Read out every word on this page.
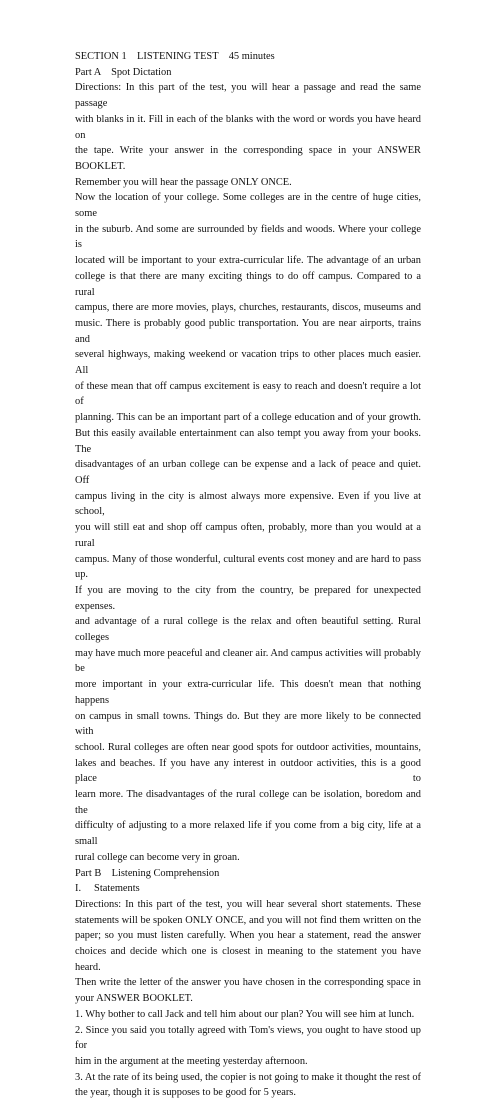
SECTION 1    LISTENING TEST    45 minutes
Part A    Spot Dictation

Directions: In this part of the test, you will hear a passage and read the same passage
with blanks in it. Fill in each of the blanks with the word or words you have heard on
the tape. Write your answer in the corresponding space in your ANSWER BOOKLET.
Remember you will hear the passage ONLY ONCE.

Now the location of your college. Some colleges are in the centre of huge cities, some
in the suburb. And some are surrounded by fields and woods. Where your college is
located will be important to your extra-curricular life. The advantage of an urban
college is that there are many exciting things to do off campus. Compared to a rural
campus, there are more movies, plays, churches, restaurants, discos, museums and
music. There is probably good public transportation. You are near airports, trains and
several highways, making weekend or vacation trips to other places much easier. All
of these mean that off campus excitement is easy to reach and doesn't require a lot of
planning. This can be an important part of a college education and of your growth.
But this easily available entertainment can also tempt you away from your books. The
disadvantages of an urban college can be expense and a lack of peace and quiet. Off
campus living in the city is almost always more expensive. Even if you live at school,
you will still eat and shop off campus often, probably, more than you would at a rural
campus. Many of those wonderful, cultural events cost money and are hard to pass up.
If you are moving to the city from the country, be prepared for unexpected expenses.
and advantage of a rural college is the relax and often beautiful setting. Rural colleges
may have much more peaceful and cleaner air. And campus activities will probably be
more important in your extra-curricular life. This doesn't mean that nothing happens
on campus in small towns. Things do. But they are more likely to be connected with
school. Rural colleges are often near good spots for outdoor activities, mountains,
lakes and beaches. If you have any interest in outdoor activities, this is a good place to
learn more. The disadvantages of the rural college can be isolation, boredom and the
difficulty of adjusting to a more relaxed life if you come from a big city, life at a small
rural college can become very in groan.

Part B    Listening Comprehension
I.     Statements

Directions: In this part of the test, you will hear several short statements. These
statements will be spoken ONLY ONCE, and you will not find them written on the
paper; so you must listen carefully. When you hear a statement, read the answer
choices and decide which one is closest in meaning to the statement you have heard.
Then write the letter of the answer you have chosen in the corresponding space in
your ANSWER BOOKLET.

1. Why bother to call Jack and tell him about our plan? You will see him at lunch.

2. Since you said you totally agreed with Tom's views, you ought to have stood up for
him in the argument at the meeting yesterday afternoon.

3. At the rate of its being used, the copier is not going to make it thought the rest of
the year, though it is supposes to be good for 5 years.
